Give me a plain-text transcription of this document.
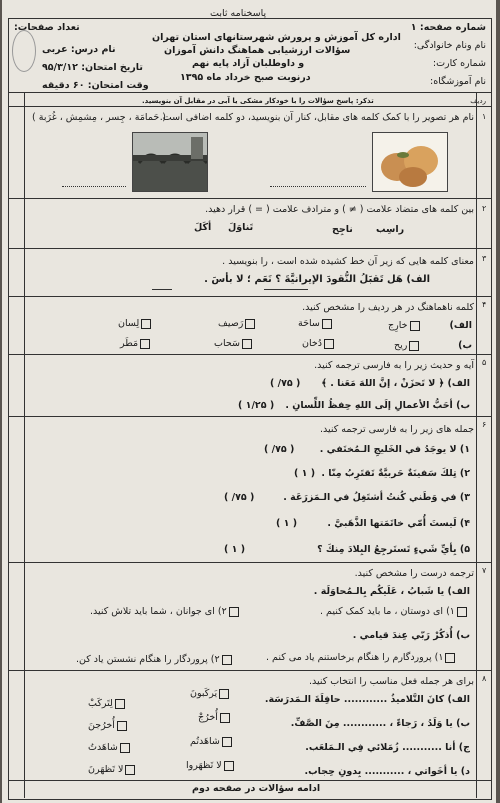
پاسخنامه ثابت
شماره صفحه: ۱
تعداد صفحات:
نام ونام خانوادگی:
شماره کارت:
نام آموزشگاه:
اداره کل آموزش و پرورش شهرستانهای استان تهران
سؤالات ارزشیابی هماهنگ دانش آموزان
و داوطلبان آزاد پایه نهم
درنوبت صبح خرداد ماه ۱۳۹۵
نام درس: عربی
تاریخ امتحان: ۹۵/۳/۱۲
وقت امتحان: ۶۰ دقیقه
تذکر: پاسخ سؤالات را با خودکار مشکی یا آبی در مقابل آن بنویسید.	ردیف
۱
نام هر تصویر را با کمک کلمه های مقابل، کنار آن بنویسید، دو کلمه اضافی است.
( حَمامَة ، جِسر ، مِشمِش ، غُرَبة )
۲
بین کلمه های متضاد علامت ( ≠ ) و مترادف علامت ( = ) قرار دهید.
راسِب
ناجِح
تَناوَلَ
أكَلَ
۳
معنای کلمه هایی که زیر آن خط کشیده شده است ، را بنویسید .
الف) هَل تَقبَلُ النُّقودَ الإيرانيَّةَ ؟ نَعَم ؛ لا بأسَ .
۴
کلمه ناهماهنگ در هر ردیف را مشخص کنید.
الف)
خارِج
ساحَة
رَصیف
لِسان
ب)
ریح
دُخان
سَحاب
مَطَر
۵
آیه و حدیث زیر را به فارسی ترجمه کنید.
الف) ﴿ لا تَحزَنْ ، إنَّ اللهَ مَعَنا . ﴾
( ۷۵/ )
ب) أحَبُّ الأعمالِ إلَى اللهِ حِفظُ اللِّسانِ .
( ۱/۲۵ )
۶
جمله های زیر را به فارسی ترجمه کنید.
۱) لا يوجَدُ في الخَليجِ الـمُختَفي .
( ۷۵/ )
۲) تِلكَ سَفينَةٌ حَربيَّةٌ تَقتَرِبُ مِنّا .
( ۱ )
۳) في وَطَني كُنتُ أشتَغِلُ في الـمَزرَعَة .
( ۷۵/ )
۴) لَيستَ أُمّي خاتَمَتها الذَّهَبيَّ .
( ۱ )
۵) بِأيِّ شَيءٍ تَستَرجِعُ البِلادَ مِنكَ ؟
( ۱ )
۷
ترجمه درست را مشخص کنید.
الف) يا شَبابُ ، عَلَيكُم بِالـمُحاوَلَة .
۱) ای دوستان ، ما باید کمک کنیم .
۲) ای جوانان ، شما باید تلاش کنید.
ب) أُذكُرْ رَبّي عِندَ قيامي .
۱) پروردگارم را هنگام برخاستنم یاد می کنم .
۲) پروردگار را هنگام نشستن یاد کن.
۸
برای هر جمله فعل مناسب را انتخاب کنید.
الف) كانَ التَّلاميذُ ............ حافِلَةَ الـمَدرَسَة.
يَركَبونَ
لِتَركَبْ
ب) يا وَلَدُ ، رَجاءً ، ............ مِنَ الصَّفِّ.
أُخرُجْ
أُخرُجنَ
ج) أنا ........... زُمَلائي فِي الـمَلعَب.
شاهَدتُم
شاهَدتُ
د) يا أخَواتي ، ........... بِدونِ حِجاب.
لا تَظهَروا
لا تَظهَرنَ
ادامه سؤالات در صفحه دوم
